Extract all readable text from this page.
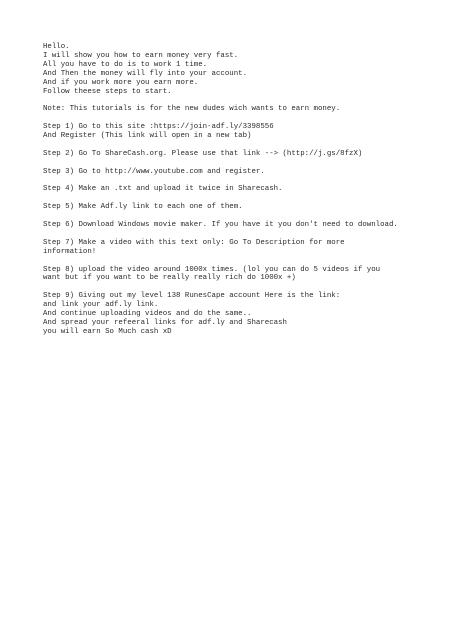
Hello.
I will show you how to earn money very fast.
All you have to do is to work 1 time.
And Then the money will fly into your account.
And if you work more you earn more.
Follow theese steps to start.
Note: This tutorials is for the new dudes wich wants to earn money.
Step 1) Go to this site :https://join-adf.ly/3398556
And Register (This link will open in a new tab)
Step 2) Go To ShareCash.org. Please use that link --> (http://j.gs/8fzX)
Step 3) Go to http://www.youtube.com and register.
Step 4) Make an .txt and upload it twice in Sharecash.
Step 5) Make Adf.ly link to each one of them.
Step 6) Download Windows movie maker. If you have it you don't need to download.
Step 7) Make a video with this text only: Go To Description for more
information!
Step 8) upload the video around 1000x times. (lol you can do 5 videos if you
want but if you want to be really really rich do 1000x +)
Step 9) Giving out my level 138 RunesCape account Here is the link:
and link your adf.ly link.
And continue uploading videos and do the same..
And spread your refeeral links for adf.ly and Sharecash
you will earn So Much cash xD
